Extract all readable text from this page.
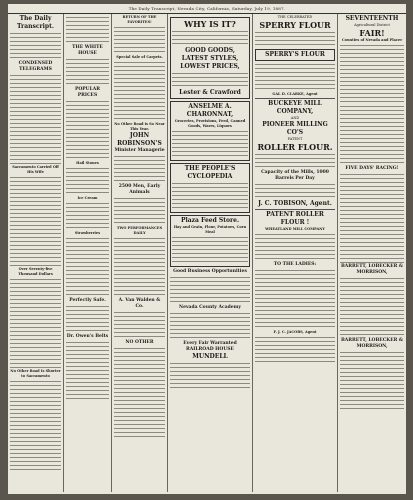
The Daily Transcript, Nevada City, California, Saturday, July 19, 1887.
The Daily Transcript.
CONDENSED TELEGRAMS
Sacramento Carried Off His Wife
Over Seventy-five Thousand Dollars
No Other Road Is Shorter to Sacramento
THE WHITE HOUSE
POPULAR PRICES
Hail Stones
Ice Cream
Strawberries
Perfectly Safe.
Dr. Owen's Belts
RETURN OF THE FAVORITES!
Special Sale of Carpets.
No Other Road is So Near This Year.
JOHN ROBINSON'S
Minister Managerie
2500 Men, Early Animals
TWO PERFORMANCES DAILY
A. Van Walden & Co.
NO OTHER
WHY IS IT?
GOOD GOODS,
LATEST STYLES,
LOWEST PRICES,
Lester & Crawford
ANSELME A. CHARONNAT,
Groceries, Provisions, Feed, Canned Goods, Wares, Liquors
THE PEOPLE'S CYCLOPEDIA
Plaza Feed Store.
Hay and Grain, Flour, Potatoes, Corn Meal
Good Business Opportunities
Nevada County Academy
Every Fair Warranted
RAILROAD HOUSE
MUNDELL
THE CELEBRATED
SPERRY FLOUR
SPERRY'S FLOUR
GAL D. CLARKE, Agent
BUCKEYE MILL COMPANY,
AND
PIONEER MILLING CO'S
PATENT
ROLLER FLOUR.
Capacity of the Mills, 1000 Barrels Per Day
J. C. TOBISON, Agent.
PATENT ROLLER FLOUR !
WHEATLAND MILL COMPANY
TO THE LADIES:
F. J. C. JACOBS, Agent
SEVENTEENTH
Agricultural District
FAIR!
Counties of Nevada and Placer
FIVE DAYS' RACING!
BARRETT, LOBECKER & MORRISON,
BARRETT, LOBECKER & MORRISON,
